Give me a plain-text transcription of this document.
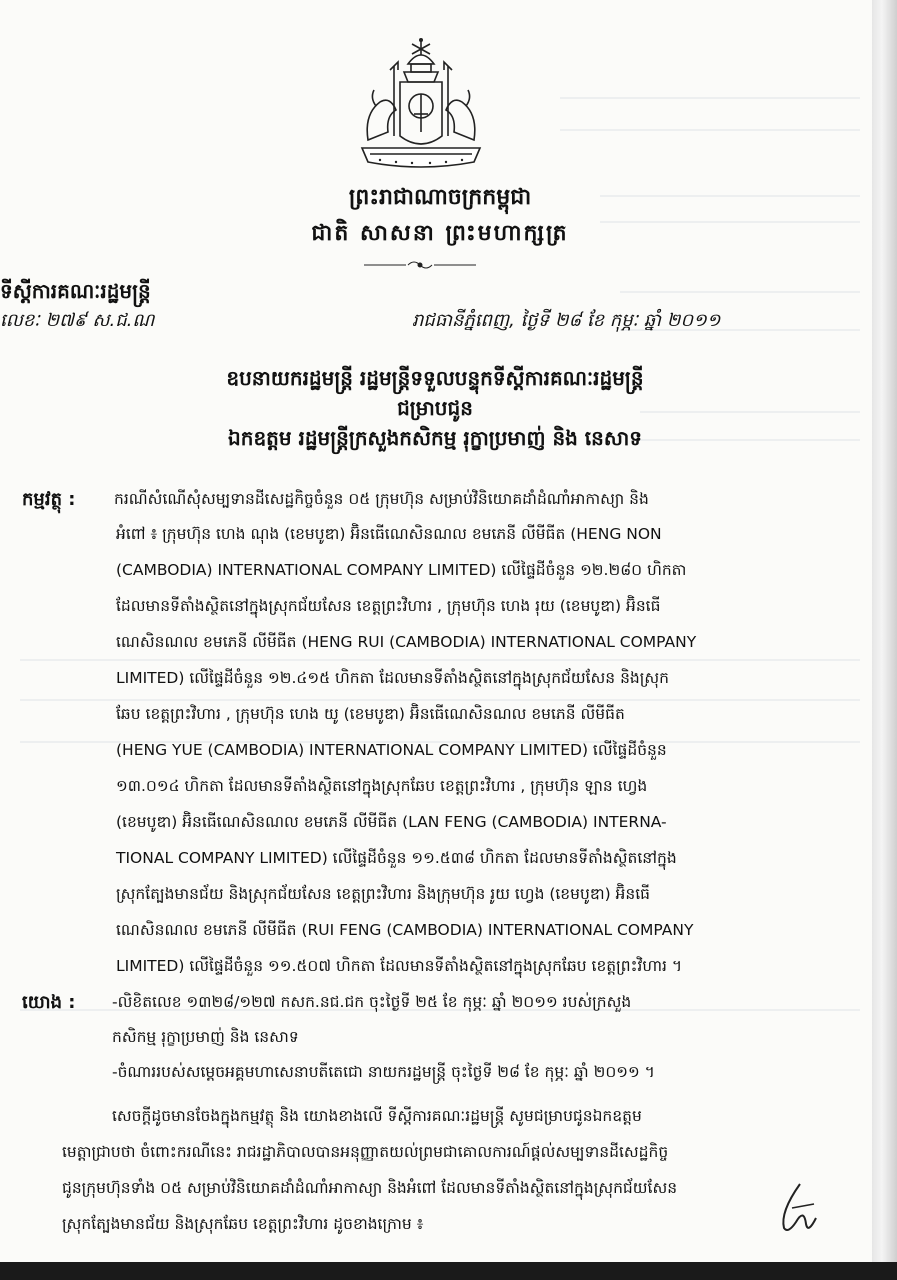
ព្រះរាជាណាចក្រកម្ពុជា
ជាតិ សាសនា ព្រះមហាក្សត្រ
ទីស្តីការគណៈរដ្ឋមន្ត្រី
លេខៈ ២៧៩ ស.ជ.ណ	រាជធានីភ្នំពេញ, ថ្ងៃទី ២៨ ខែ កុម្ភៈ ឆ្នាំ ២០១១
ឧបនាយករដ្ឋមន្ត្រី រដ្ឋមន្ត្រីទទួលបន្ទុកទីស្តីការគណៈរដ្ឋមន្ត្រី
ជម្រាបជូន
ឯកឧត្តម រដ្ឋមន្ត្រីក្រសួងកសិកម្ម រុក្ខាប្រមាញ់ និង នេសាទ
កម្មវត្ថុ : ករណីសំណើសុំសម្បទានដីសេដ្ឋកិច្ចចំនួន ០៥ ក្រុមហ៊ុន សម្រាប់វិនិយោគដាំដំណាំអាកាស្យា និង
អំពៅ ៖ ក្រុមហ៊ុន ហេង ណុង (ខេមបូឌា) អ៊ិនធើណេសិនណល ខមភេនី លីមីធីត (HENG NON
(CAMBODIA) INTERNATIONAL COMPANY LIMITED) លើផ្ទៃដីចំនួន ១២.២៨០ ហិកតា
ដែលមានទីតាំងស្ថិតនៅក្នុងស្រុកជ័យសែន ខេត្តព្រះវិហារ , ក្រុមហ៊ុន ហេង រុយ (ខេមបូឌា) អ៊ិនធើ
ណេសិនណល ខមភេនី លីមីធីត (HENG RUI (CAMBODIA) INTERNATIONAL COMPANY
LIMITED) លើផ្ទៃដីចំនួន ១២.៤១៥ ហិកតា ដែលមានទីតាំងស្ថិតនៅក្នុងស្រុកជ័យសែន និងស្រុក
ឆែប ខេត្តព្រះវិហារ , ក្រុមហ៊ុន ហេង យូ (ខេមបូឌា) អ៊ិនធើណេសិនណល ខមភេនី លីមីធីត
(HENG YUE (CAMBODIA) INTERNATIONAL COMPANY LIMITED) លើផ្ទៃដីចំនួន
១៣.០១៤ ហិកតា ដែលមានទីតាំងស្ថិតនៅក្នុងស្រុកឆែប ខេត្តព្រះវិហារ , ក្រុមហ៊ុន ឡាន ហ្វេង
(ខេមបូឌា) អ៊ិនធើណេសិនណល ខមភេនី លីមីធីត (LAN FENG (CAMBODIA) INTERNA-
TIONAL COMPANY LIMITED) លើផ្ទៃដីចំនួន ១១.៥៣៨ ហិកតា ដែលមានទីតាំងស្ថិតនៅក្នុង
ស្រុកត្បែងមានជ័យ និងស្រុកជ័យសែន ខេត្តព្រះវិហារ និងក្រុមហ៊ុន រូយ ហ្វេង (ខេមបូឌា) អ៊ិនធើ
ណេសិនណល ខមភេនី លីមីធីត (RUI FENG (CAMBODIA) INTERNATIONAL COMPANY
LIMITED) លើផ្ទៃដីចំនួន ១១.៥០៧ ហិកតា ដែលមានទីតាំងស្ថិតនៅក្នុងស្រុកឆែប ខេត្តព្រះវិហារ ។
យោង : -លិខិតលេខ ១៣២៨/១២៧ កសក.នជ.ជក ចុះថ្ងៃទី ២៥ ខែ កុម្ភៈ ឆ្នាំ ២០១១ របស់ក្រសួង
កសិកម្ម រុក្ខាប្រមាញ់ និង នេសាទ
-ចំណាររបស់សម្តេចអគ្គមហាសេនាបតីតេជោ នាយករដ្ឋមន្ត្រី ចុះថ្ងៃទី ២៨ ខែ កុម្ភៈ ឆ្នាំ ២០១១ ។
សេចក្តីដូចមានចែងក្នុងកម្មវត្ថុ និង យោងខាងលើ ទីស្តីការគណៈរដ្ឋមន្ត្រី សូមជម្រាបជូនឯកឧត្តម
មេត្តាជ្រាបថា ចំពោះករណីនេះ រាជរដ្ឋាភិបាលបានអនុញ្ញាតយល់ព្រមជាគោលការណ៍ផ្តល់សម្បទានដីសេដ្ឋកិច្ច
ជូនក្រុមហ៊ុនទាំង ០៥ សម្រាប់វិនិយោគដាំដំណាំអាកាស្យា និងអំពៅ ដែលមានទីតាំងស្ថិតនៅក្នុងស្រុកជ័យសែន
ស្រុកត្បែងមានជ័យ និងស្រុកឆែប ខេត្តព្រះវិហារ ដូចខាងក្រោម ៖
